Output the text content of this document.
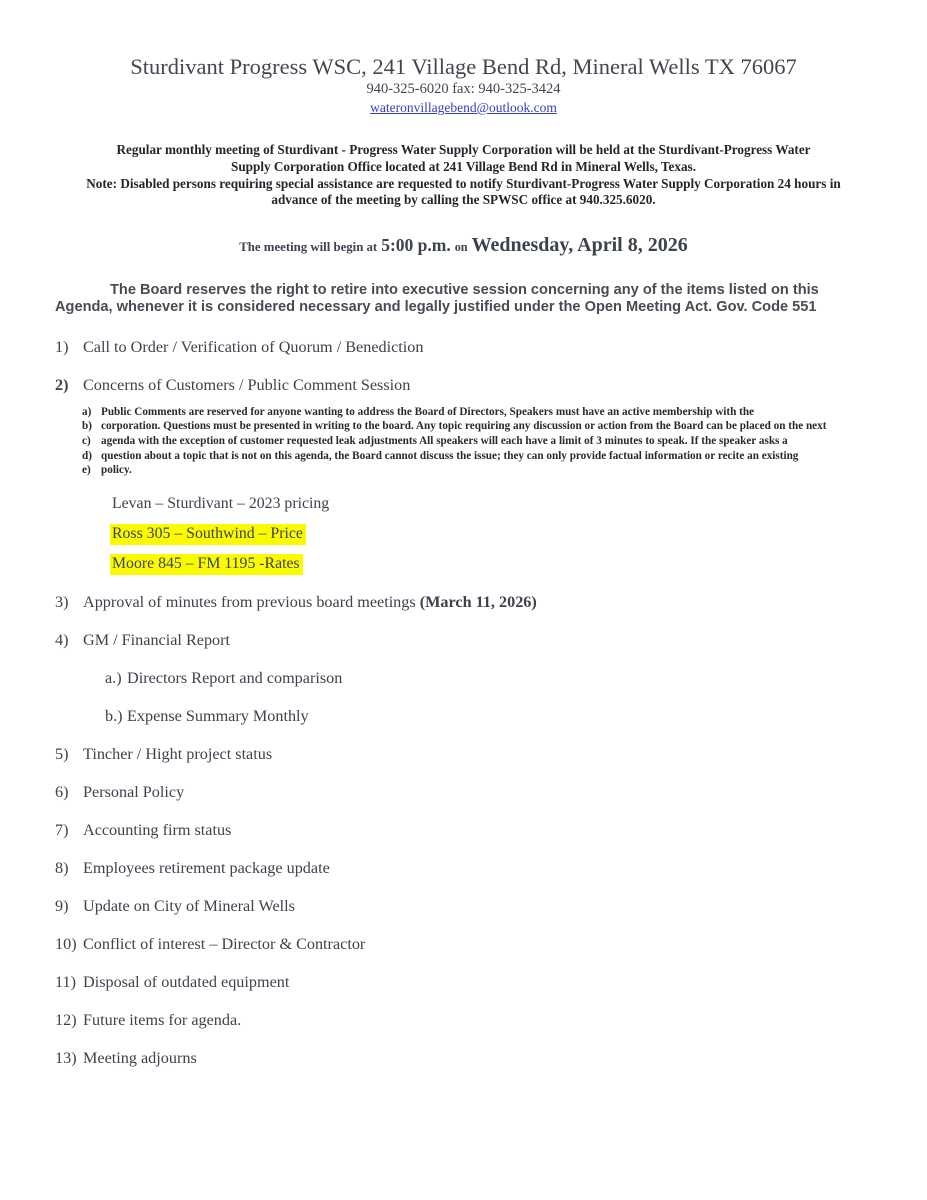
Sturdivant Progress WSC, 241 Village Bend Rd, Mineral Wells TX 76067
940-325-6020 fax: 940-325-3424
wateronvillagebend@outlook.com
Regular monthly meeting of Sturdivant - Progress Water Supply Corporation will be held at the Sturdivant-Progress Water
Supply Corporation Office located at 241 Village Bend Rd in Mineral Wells, Texas.
Note: Disabled persons requiring special assistance are requested to notify Sturdivant-Progress Water Supply Corporation 24 hours in
advance of the meeting by calling the SPWSC office at 940.325.6020.
The meeting will begin at 5:00 p.m. on Wednesday, April 8, 2026

The Board reserves the right to retire into executive session concerning any of the items listed on this Agenda, whenever it is considered necessary and legally justified under the Open Meeting Act. Gov. Code 551

1) Call to Order / Verification of Quorum / Benediction
2) Concerns of Customers / Public Comment Session
a) Public Comments are reserved for anyone wanting to address the Board of Directors, Speakers must have an active membership with the
b) corporation. Questions must be presented in writing to the board. Any topic requiring any discussion or action from the Board can be placed on the next
c) agenda with the exception of customer requested leak adjustments All speakers will each have a limit of 3 minutes to speak. If the speaker asks a
d) question about a topic that is not on this agenda, the Board cannot discuss the issue; they can only provide factual information or recite an existing
e) policy.
Levan – Sturdivant – 2023 pricing
Ross 305 – Southwind – Price
Moore 845 – FM 1195 -Rates
3) Approval of minutes from previous board meetings (March 11, 2026)
4) GM / Financial Report
a.) Directors Report and comparison
b.) Expense Summary Monthly
5) Tincher / Hight project status
6) Personal Policy
7) Accounting firm status
8) Employees retirement package update
9) Update on City of Mineral Wells
10) Conflict of interest – Director & Contractor
11) Disposal of outdated equipment
12) Future items for agenda.
13) Meeting adjourns
